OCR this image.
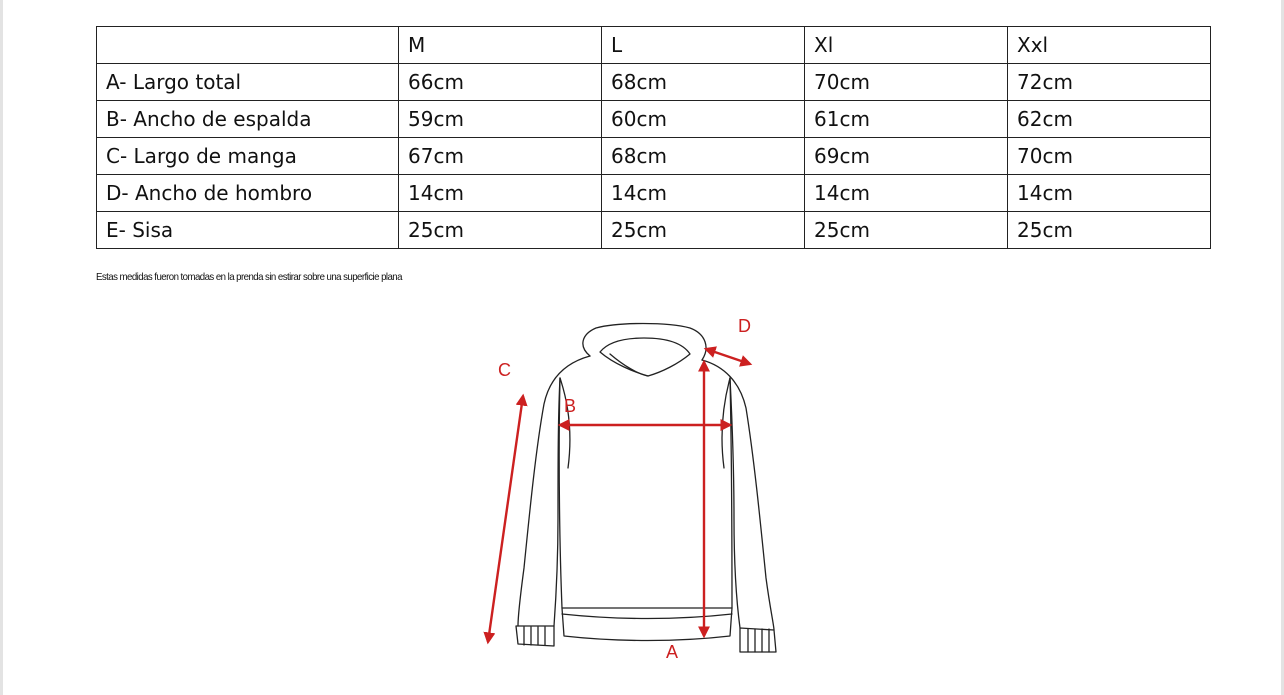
	M	L	Xl	Xxl
A- Largo total	66cm	68cm	70cm	72cm
B- Ancho de espalda	59cm	60cm	61cm	62cm
C- Largo de manga	67cm	68cm	69cm	70cm
D- Ancho de hombro	14cm	14cm	14cm	14cm
E- Sisa	25cm	25cm	25cm	25cm
Estas medidas fueron tomadas en la prenda sin estirar sobre una superficie plana
A
B
C
D
